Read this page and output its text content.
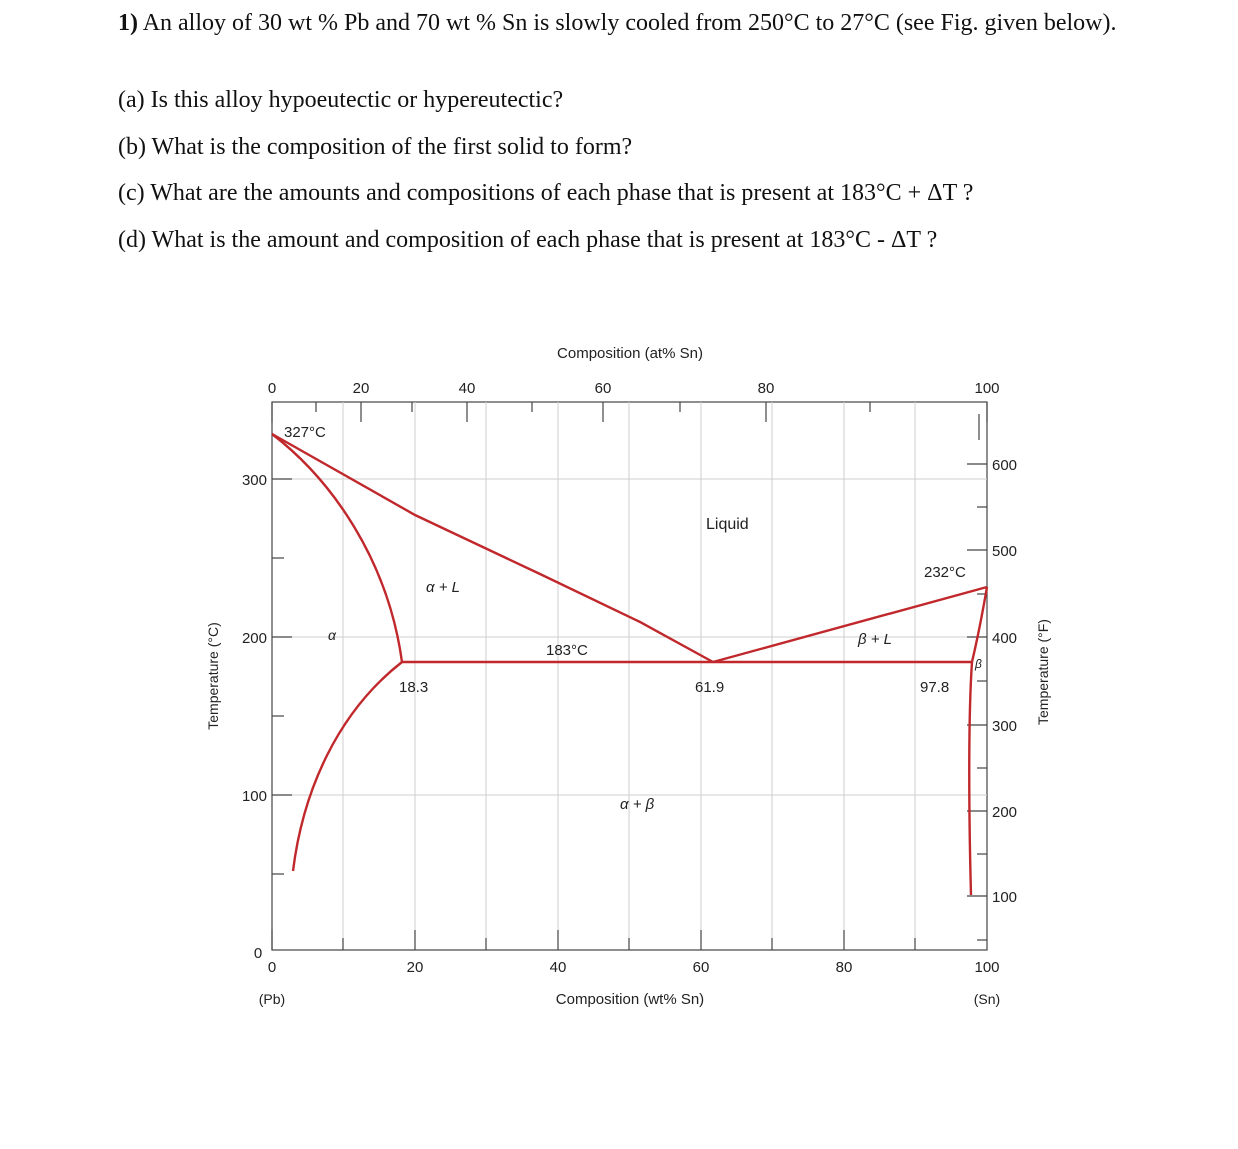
1) An alloy of 30 wt % Pb and 70 wt % Sn is slowly cooled from 250°C to 27°C (see Fig. given below).

(a) Is this alloy hypoeutectic or hypereutectic?

(b) What is the composition of the first solid to form?

(c) What are the amounts and compositions of each phase that is present at 183°C + ΔT ?

(d) What is the amount and composition of each phase that is present at 183°C - ΔT ?

0	20	40	60	80	100
Composition (at% Sn)
0	20	40	60	80	100
0
Composition (wt% Sn)
(Pb)	(Sn)
300
200
100
Temperature (°C)
600
500
400
300
200
100
Temperature (°F)
327°C
232°C
183°C
Liquid
α + L
β + L
α + β
α
β
18.3	61.9	97.8
